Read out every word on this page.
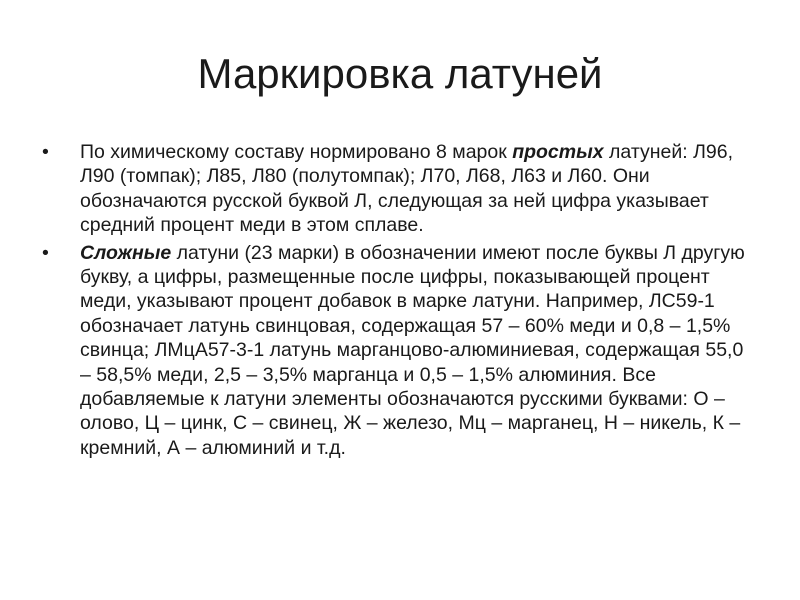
Маркировка латуней
• По химическому составу нормировано 8 марок простых латуней: Л96, Л90 (томпак); Л85, Л80 (полутомпак); Л70, Л68, Л63 и Л60. Они обозначаются русской буквой Л, следующая за ней цифра указывает средний процент меди в этом сплаве.
• Сложные латуни (23 марки) в обозначении имеют после буквы Л другую букву, а цифры, размещенные после цифры, показывающей процент меди, указывают процент добавок в марке латуни. Например, ЛС59-1 обозначает латунь свинцовая, содержащая 57 – 60% меди и 0,8 – 1,5% свинца; ЛМцА57-3-1 латунь марганцово-алюминиевая, содержащая 55,0 – 58,5% меди, 2,5 – 3,5% марганца и 0,5 – 1,5% алюминия. Все добавляемые к латуни элементы обозначаются русскими буквами: О – олово, Ц – цинк, С – свинец, Ж – железо, Мц – марганец, Н – никель, К – кремний, А – алюминий и т.д.
